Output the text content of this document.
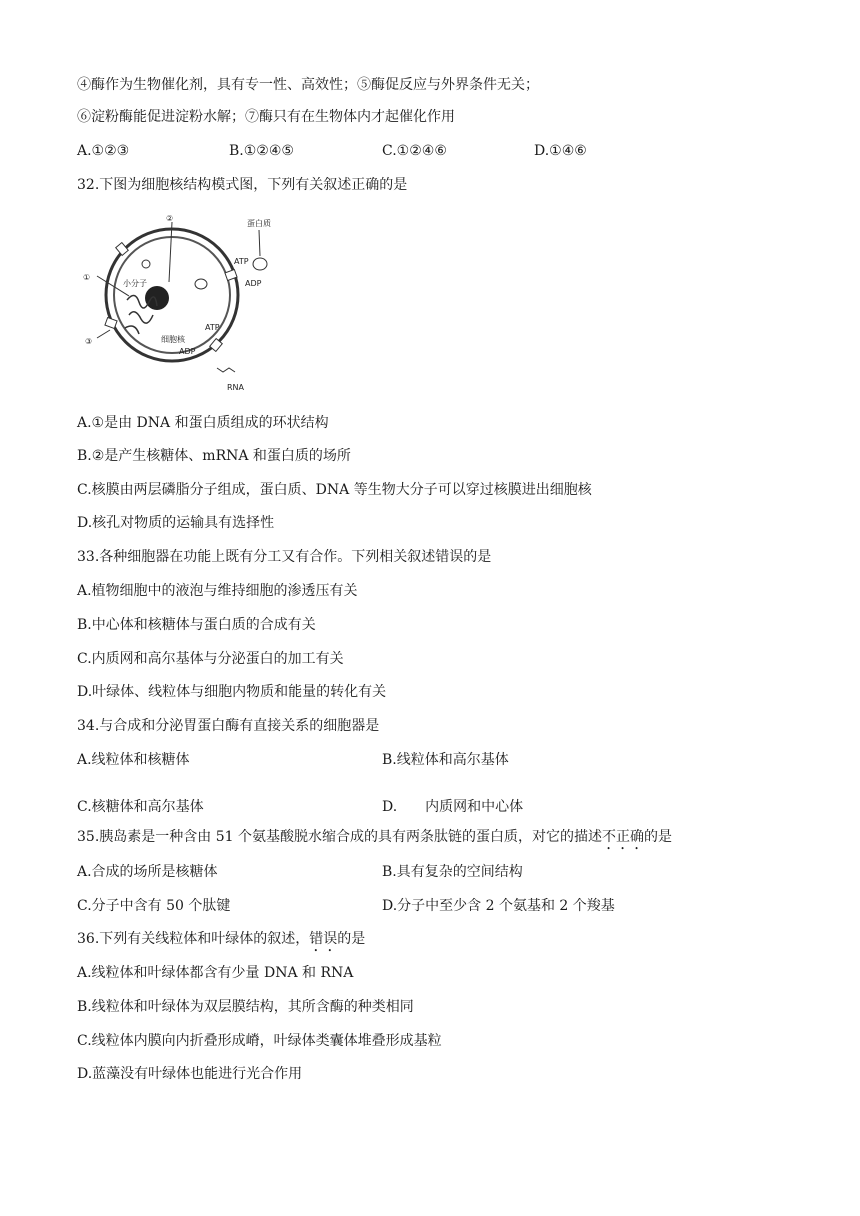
④酶作为生物催化剂，具有专一性、高效性；⑤酶促反应与外界条件无关；
⑥淀粉酶能促进淀粉水解；⑦酶只有在生物体内才起催化作用
A.①②③	B.①②④⑤	C.①②④⑥	D.①④⑥
32.下图为细胞核结构模式图，下列有关叙述正确的是
②
①
③
蛋白质
ATP
ADP
小分子
细胞核
ADP
ATP
RNA
A.①是由 DNA 和蛋白质组成的环状结构
B.②是产生核糖体、mRNA 和蛋白质的场所
C.核膜由两层磷脂分子组成，蛋白质、DNA 等生物大分子可以穿过核膜进出细胞核
D.核孔对物质的运输具有选择性
33.各种细胞器在功能上既有分工又有合作。下列相关叙述错误的是
A.植物细胞中的液泡与维持细胞的渗透压有关
B.中心体和核糖体与蛋白质的合成有关
C.内质网和高尔基体与分泌蛋白的加工有关
D.叶绿体、线粒体与细胞内物质和能量的转化有关
34.与合成和分泌胃蛋白酶有直接关系的细胞器是
A.线粒体和核糖体	B.线粒体和高尔基体
C.核糖体和高尔基体	D.　　内质网和中心体
35.胰岛素是一种含由 51 个氨基酸脱水缩合成的具有两条肽链的蛋白质，对它的描述不正确的是
A.合成的场所是核糖体	B.具有复杂的空间结构
C.分子中含有 50 个肽键	D.分子中至少含 2 个氨基和 2 个羧基
36.下列有关线粒体和叶绿体的叙述，错误的是
A.线粒体和叶绿体都含有少量 DNA 和 RNA
B.线粒体和叶绿体为双层膜结构，其所含酶的种类相同
C.线粒体内膜向内折叠形成嵴，叶绿体类囊体堆叠形成基粒
D.蓝藻没有叶绿体也能进行光合作用
